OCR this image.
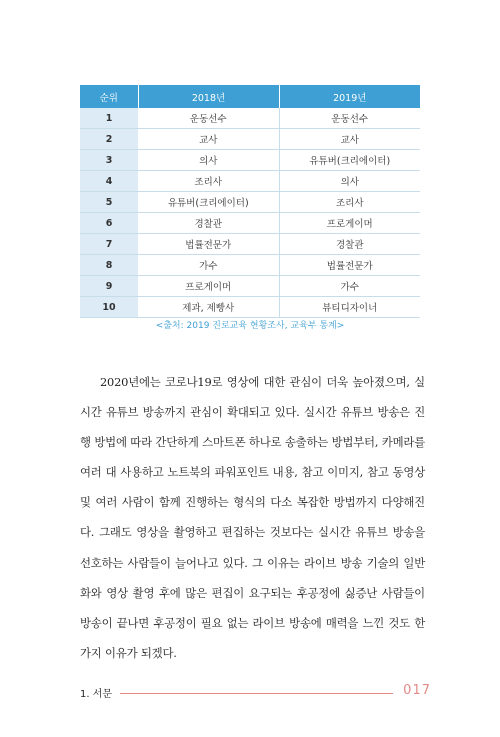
순위	2018년	2019년
1	운동선수	운동선수
2	교사	교사
3	의사	유튜버(크리에이터)
4	조리사	의사
5	유튜버(크리에이터)	조리사
6	경찰관	프로게이머
7	법률전문가	경찰관
8	가수	법률전문가
9	프로게이머	가수
10	제과, 제빵사	뷰티디자이너

<출처: 2019 진로교육 현황조사, 교육부 통계>

2020년에는 코로나19로 영상에 대한 관심이 더욱 높아졌으며, 실시간 유튜브 방송까지 관심이 확대되고 있다. 실시간 유튜브 방송은 진행 방법에 따라 간단하게 스마트폰 하나로 송출하는 방법부터, 카메라를 여러 대 사용하고 노트북의 파워포인트 내용, 참고 이미지, 참고 동영상 및 여러 사람이 함께 진행하는 형식의 다소 복잡한 방법까지 다양해진다. 그래도 영상을 촬영하고 편집하는 것보다는 실시간 유튜브 방송을 선호하는 사람들이 늘어나고 있다. 그 이유는 라이브 방송 기술의 일반화와 영상 촬영 후에 많은 편집이 요구되는 후공정에 싫증난 사람들이 방송이 끝나면 후공정이 필요 없는 라이브 방송에 매력을 느낀 것도 한 가지 이유가 되겠다.

1. 서문	017
